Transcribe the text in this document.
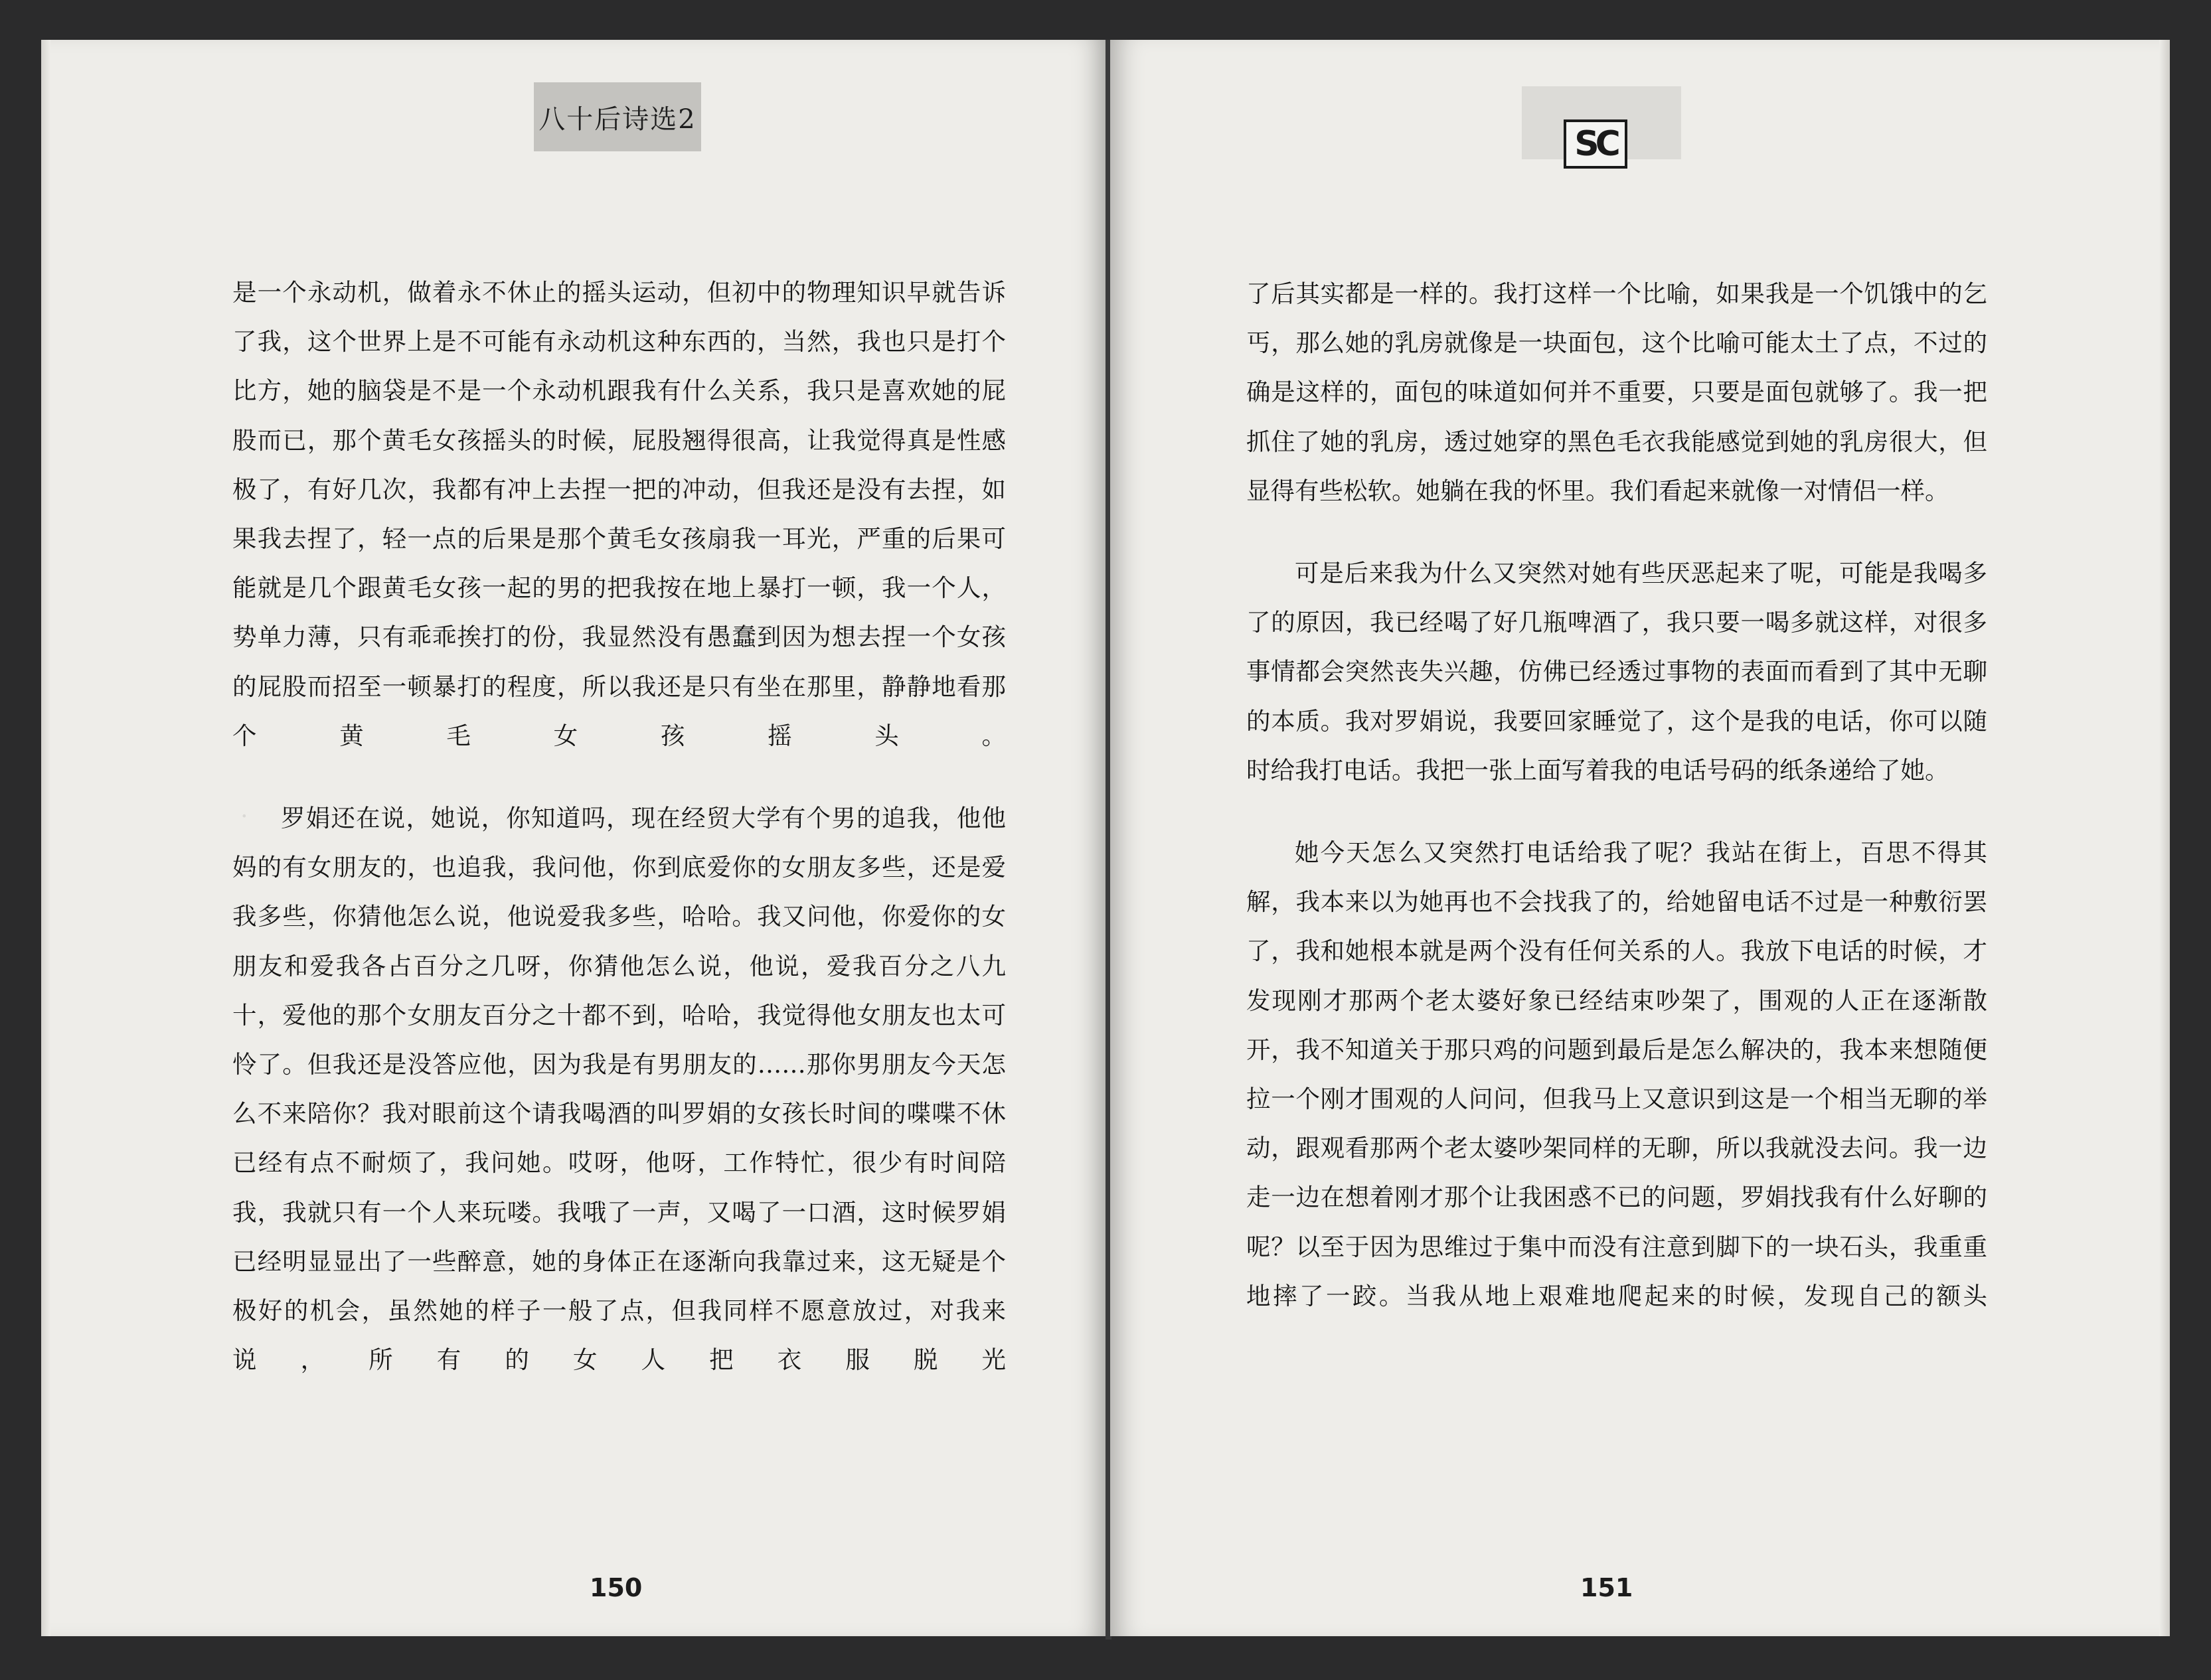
八十后诗选2
·

是一个永动机，做着永不休止的摇头运动，但初中的物理知识早就告诉了我，这个世界上是不可能有永动机这种东西的，当然，我也只是打个比方，她的脑袋是不是一个永动机跟我有什么关系，我只是喜欢她的屁股而已，那个黄毛女孩摇头的时候，屁股翘得很高，让我觉得真是性感极了，有好几次，我都有冲上去捏一把的冲动，但我还是没有去捏，如果我去捏了，轻一点的后果是那个黄毛女孩扇我一耳光，严重的后果可能就是几个跟黄毛女孩一起的男的把我按在地上暴打一顿，我一个人，势单力薄，只有乖乖挨打的份，我显然没有愚蠢到因为想去捏一个女孩的屁股而招至一顿暴打的程度，所以我还是只有坐在那里，静静地看那个黄毛女孩摇头。

罗娟还在说，她说，你知道吗，现在经贸大学有个男的追我，他他妈的有女朋友的，也追我，我问他，你到底爱你的女朋友多些，还是爱我多些，你猜他怎么说，他说爱我多些，哈哈。我又问他，你爱你的女朋友和爱我各占百分之几呀，你猜他怎么说，他说，爱我百分之八九十，爱他的那个女朋友百分之十都不到，哈哈，我觉得他女朋友也太可怜了。但我还是没答应他，因为我是有男朋友的……那你男朋友今天怎么不来陪你？我对眼前这个请我喝酒的叫罗娟的女孩长时间的喋喋不休已经有点不耐烦了，我问她。哎呀，他呀，工作特忙，很少有时间陪我，我就只有一个人来玩喽。我哦了一声，又喝了一口酒，这时候罗娟已经明显显出了一些醉意，她的身体正在逐渐向我靠过来，这无疑是个极好的机会，虽然她的样子一般了点，但我同样不愿意放过，对我来说，所有的女人把衣服脱光

150
SC

了后其实都是一样的。我打这样一个比喻，如果我是一个饥饿中的乞丐，那么她的乳房就像是一块面包，这个比喻可能太土了点，不过的确是这样的，面包的味道如何并不重要，只要是面包就够了。我一把抓住了她的乳房，透过她穿的黑色毛衣我能感觉到她的乳房很大，但显得有些松软。她躺在我的怀里。我们看起来就像一对情侣一样。

可是后来我为什么又突然对她有些厌恶起来了呢，可能是我喝多了的原因，我已经喝了好几瓶啤酒了，我只要一喝多就这样，对很多事情都会突然丧失兴趣，仿佛已经透过事物的表面而看到了其中无聊的本质。我对罗娟说，我要回家睡觉了，这个是我的电话，你可以随时给我打电话。我把一张上面写着我的电话号码的纸条递给了她。

她今天怎么又突然打电话给我了呢？我站在街上，百思不得其解，我本来以为她再也不会找我了的，给她留电话不过是一种敷衍罢了，我和她根本就是两个没有任何关系的人。我放下电话的时候，才发现刚才那两个老太婆好象已经结束吵架了，围观的人正在逐渐散开，我不知道关于那只鸡的问题到最后是怎么解决的，我本来想随便拉一个刚才围观的人问问，但我马上又意识到这是一个相当无聊的举动，跟观看那两个老太婆吵架同样的无聊，所以我就没去问。我一边走一边在想着刚才那个让我困惑不已的问题，罗娟找我有什么好聊的呢？以至于因为思维过于集中而没有注意到脚下的一块石头，我重重地摔了一跤。当我从地上艰难地爬起来的时候，发现自己的额头

151
